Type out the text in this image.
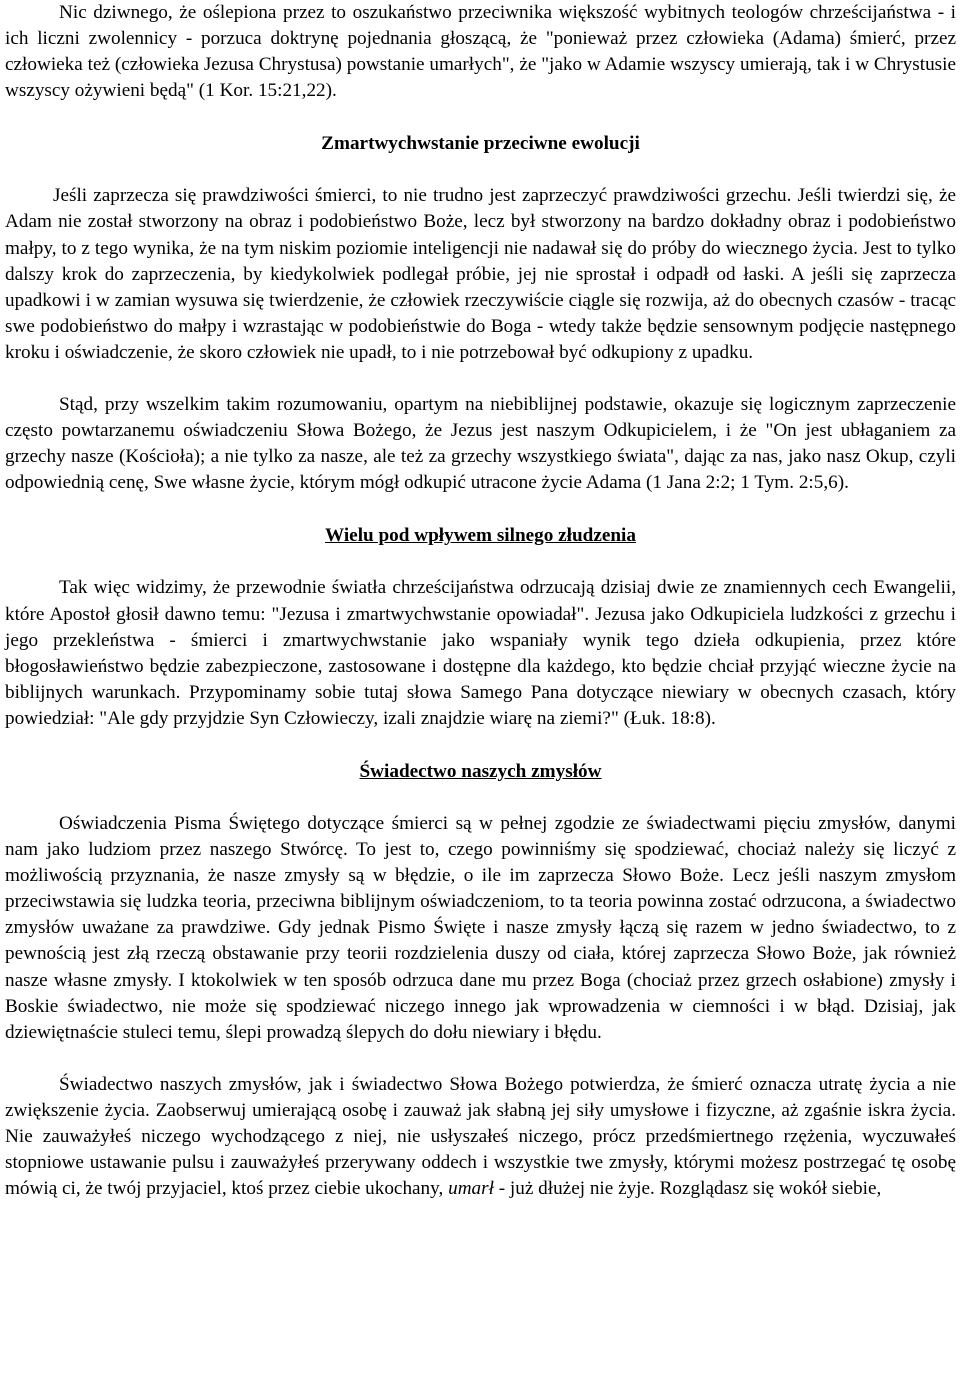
Nic dziwnego, że oślepiona przez to oszukaństwo przeciwnika większość wybitnych teologów chrześcijaństwa - i ich liczni zwolennicy - porzuca doktrynę pojednania głoszącą, że "ponieważ przez człowieka (Adama) śmierć, przez człowieka też (człowieka Jezusa Chrystusa) powstanie umarłych", że "jako w Adamie wszyscy umierają, tak i w Chrystusie wszyscy ożywieni będą" (1 Kor. 15:21,22).

Zmartwychwstanie przeciwne ewolucji

Jeśli zaprzecza się prawdziwości śmierci, to nie trudno jest zaprzeczyć prawdziwości grzechu. Jeśli twierdzi się, że Adam nie został stworzony na obraz i podobieństwo Boże, lecz był stworzony na bardzo dokładny obraz i podobieństwo małpy, to z tego wynika, że na tym niskim poziomie inteligencji nie nadawał się do próby do wiecznego życia. Jest to tylko dalszy krok do zaprzeczenia, by kiedykolwiek podlegał próbie, jej nie sprostał i odpadł od łaski. A jeśli się zaprzecza upadkowi i w zamian wysuwa się twierdzenie, że człowiek rzeczywiście ciągle się rozwija, aż do obecnych czasów - tracąc swe podobieństwo do małpy i wzrastając w podobieństwie do Boga - wtedy także będzie sensownym podjęcie następnego kroku i oświadczenie, że skoro człowiek nie upadł, to i nie potrzebował być odkupiony z upadku.

Stąd, przy wszelkim takim rozumowaniu, opartym na niebiblijnej podstawie, okazuje się logicznym zaprzeczenie często powtarzanemu oświadczeniu Słowa Bożego, że Jezus jest naszym Odkupicielem, i że "On jest ubłaganiem za grzechy nasze (Kościoła); a nie tylko za nasze, ale też za grzechy wszystkiego świata", dając za nas, jako nasz Okup, czyli odpowiednią cenę, Swe własne życie, którym mógł odkupić utracone życie Adama (1 Jana 2:2; 1 Tym. 2:5,6).

Wielu pod wpływem silnego złudzenia

Tak więc widzimy, że przewodnie światła chrześcijaństwa odrzucają dzisiaj dwie ze znamiennych cech Ewangelii, które Apostoł głosił dawno temu: "Jezusa i zmartwychwstanie opowiadał". Jezusa jako Odkupiciela ludzkości z grzechu i jego przekleństwa - śmierci i zmartwychwstanie jako wspaniały wynik tego dzieła odkupienia, przez które błogosławieństwo będzie zabezpieczone, zastosowane i dostępne dla każdego, kto będzie chciał przyjąć wieczne życie na biblijnych warunkach. Przypominamy sobie tutaj słowa Samego Pana dotyczące niewiary w obecnych czasach, który powiedział: "Ale gdy przyjdzie Syn Człowieczy, izali znajdzie wiarę na ziemi?" (Łuk. 18:8).

Świadectwo naszych zmysłów

Oświadczenia Pisma Świętego dotyczące śmierci są w pełnej zgodzie ze świadectwami pięciu zmysłów, danymi nam jako ludziom przez naszego Stwórcę. To jest to, czego powinniśmy się spodziewać, chociaż należy się liczyć z możliwością przyznania, że nasze zmysły są w błędzie, o ile im zaprzecza Słowo Boże. Lecz jeśli naszym zmysłom przeciwstawia się ludzka teoria, przeciwna biblijnym oświadczeniom, to ta teoria powinna zostać odrzucona, a świadectwo zmysłów uważane za prawdziwe. Gdy jednak Pismo Święte i nasze zmysły łączą się razem w jedno świadectwo, to z pewnością jest złą rzeczą obstawanie przy teorii rozdzielenia duszy od ciała, której zaprzecza Słowo Boże, jak również nasze własne zmysły. I ktokolwiek w ten sposób odrzuca dane mu przez Boga (chociaż przez grzech osłabione) zmysły i Boskie świadectwo, nie może się spodziewać niczego innego jak wprowadzenia w ciemności i w błąd. Dzisiaj, jak dziewiętnaście stuleci temu, ślepi prowadzą ślepych do dołu niewiary i błędu.

Świadectwo naszych zmysłów, jak i świadectwo Słowa Bożego potwierdza, że śmierć oznacza utratę życia a nie zwiększenie życia. Zaobserwuj umierającą osobę i zauważ jak słabną jej siły umysłowe i fizyczne, aż zgaśnie iskra życia. Nie zauważyłeś niczego wychodzącego z niej, nie usłyszałeś niczego, prócz przedśmiertnego rzężenia, wyczuwałeś stopniowe ustawanie pulsu i zauważyłeś przerywany oddech i wszystkie twe zmysły, którymi możesz postrzegać tę osobę mówią ci, że twój przyjaciel, ktoś przez ciebie ukochany, umarł - już dłużej nie żyje. Rozglądasz się wokół siebie,
